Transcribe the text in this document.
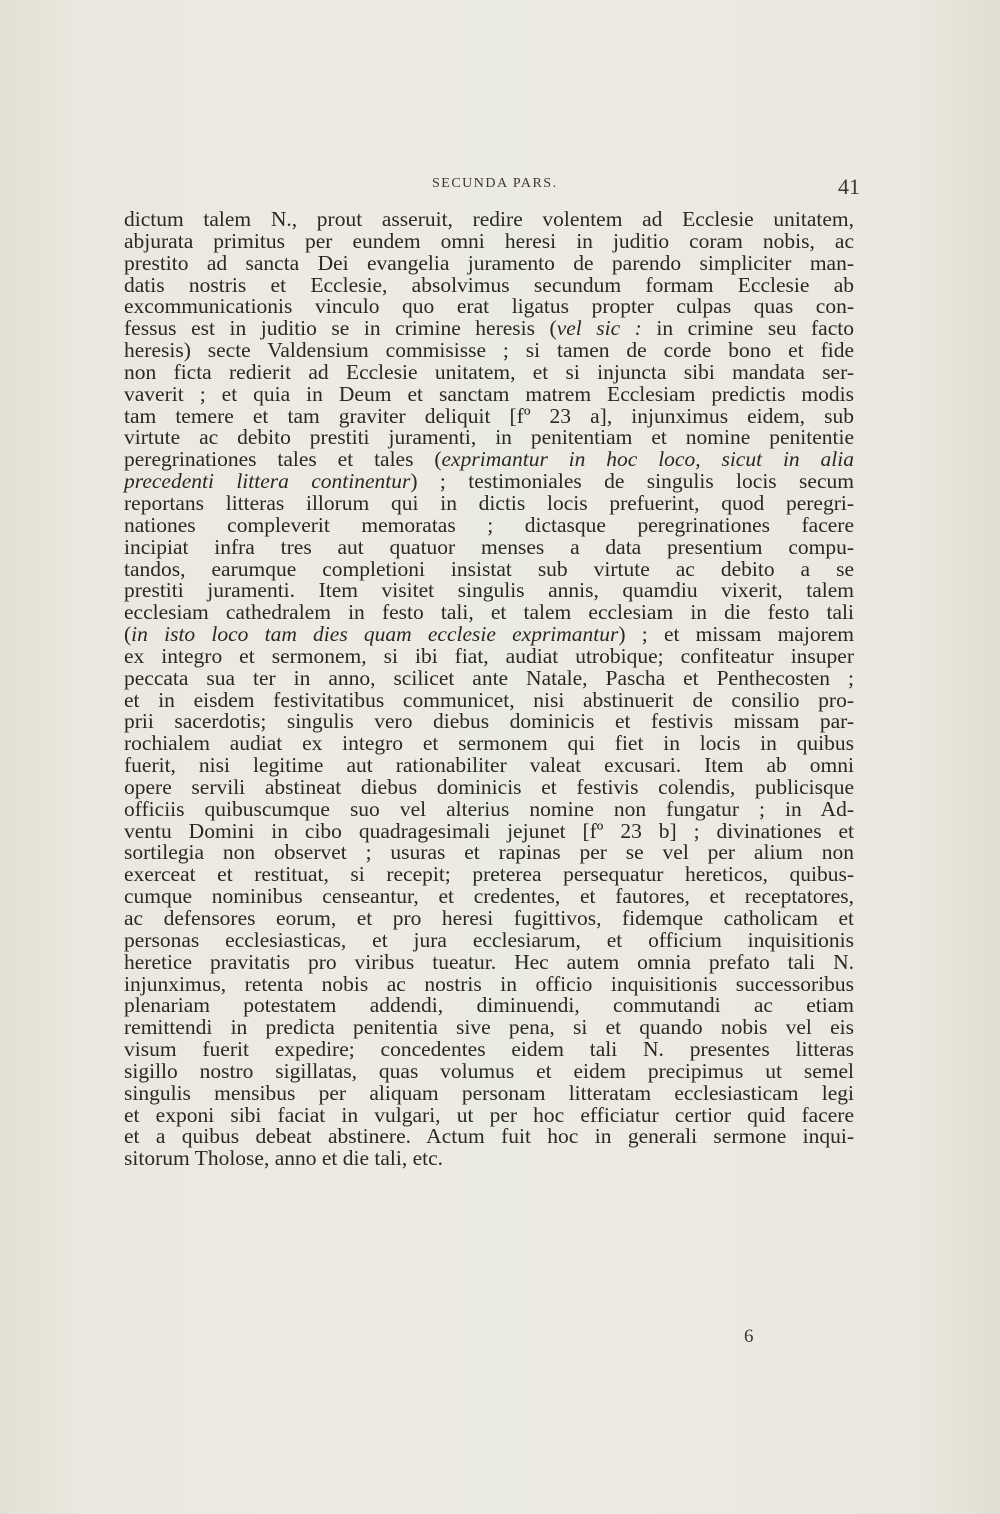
SECUNDA PARS.	41
dictum talem N., prout asseruit, redire volentem ad Ecclesie unitatem,
abjurata primitus per eundem omni heresi in juditio coram nobis, ac
prestito ad sancta Dei evangelia juramento de parendo simpliciter man-
datis nostris et Ecclesie, absolvimus secundum formam Ecclesie ab
excommunicationis vinculo quo erat ligatus propter culpas quas con-
fessus est in juditio se in crimine heresis (vel sic : in crimine seu facto
heresis) secte Valdensium commisisse ; si tamen de corde bono et fide
non ficta redierit ad Ecclesie unitatem, et si injuncta sibi mandata ser-
vaverit ; et quia in Deum et sanctam matrem Ecclesiam predictis modis
tam temere et tam graviter deliquit [fº 23 a], injunximus eidem, sub
virtute ac debito prestiti juramenti, in penitentiam et nomine penitentie
peregrinationes tales et tales (exprimantur in hoc loco, sicut in alia
precedenti littera continentur) ; testimoniales de singulis locis secum
reportans litteras illorum qui in dictis locis prefuerint, quod peregri-
nationes compleverit memoratas ; dictasque peregrinationes facere
incipiat infra tres aut quatuor menses a data presentium compu-
tandos, earumque completioni insistat sub virtute ac debito a se
prestiti juramenti. Item visitet singulis annis, quamdiu vixerit, talem
ecclesiam cathedralem in festo tali, et talem ecclesiam in die festo tali
(in isto loco tam dies quam ecclesie exprimantur) ; et missam majorem
ex integro et sermonem, si ibi fiat, audiat utrobique; confiteatur insuper
peccata sua ter in anno, scilicet ante Natale, Pascha et Penthecosten ;
et in eisdem festivitatibus communicet, nisi abstinuerit de consilio pro-
prii sacerdotis; singulis vero diebus dominicis et festivis missam par-
rochialem audiat ex integro et sermonem qui fiet in locis in quibus
fuerit, nisi legitime aut rationabiliter valeat excusari. Item ab omni
opere servili abstineat diebus dominicis et festivis colendis, publicisque
officiis quibuscumque suo vel alterius nomine non fungatur ; in Ad-
ventu Domini in cibo quadragesimali jejunet [fº 23 b] ; divinationes et
sortilegia non observet ; usuras et rapinas per se vel per alium non
exerceat et restituat, si recepit; preterea persequatur hereticos, quibus-
cumque nominibus censeantur, et credentes, et fautores, et receptatores,
ac defensores eorum, et pro heresi fugittivos, fidemque catholicam et
personas ecclesiasticas, et jura ecclesiarum, et officium inquisitionis
heretice pravitatis pro viribus tueatur. Hec autem omnia prefato tali N.
injunximus, retenta nobis ac nostris in officio inquisitionis successoribus
plenariam potestatem addendi, diminuendi, commutandi ac etiam
remittendi in predicta penitentia sive pena, si et quando nobis vel eis
visum fuerit expedire; concedentes eidem tali N. presentes litteras
sigillo nostro sigillatas, quas volumus et eidem precipimus ut semel
singulis mensibus per aliquam personam litteratam ecclesiasticam legi
et exponi sibi faciat in vulgari, ut per hoc efficiatur certior quid facere
et a quibus debeat abstinere. Actum fuit hoc in generali sermone inqui-
sitorum Tholose, anno et die tali, etc.
6
